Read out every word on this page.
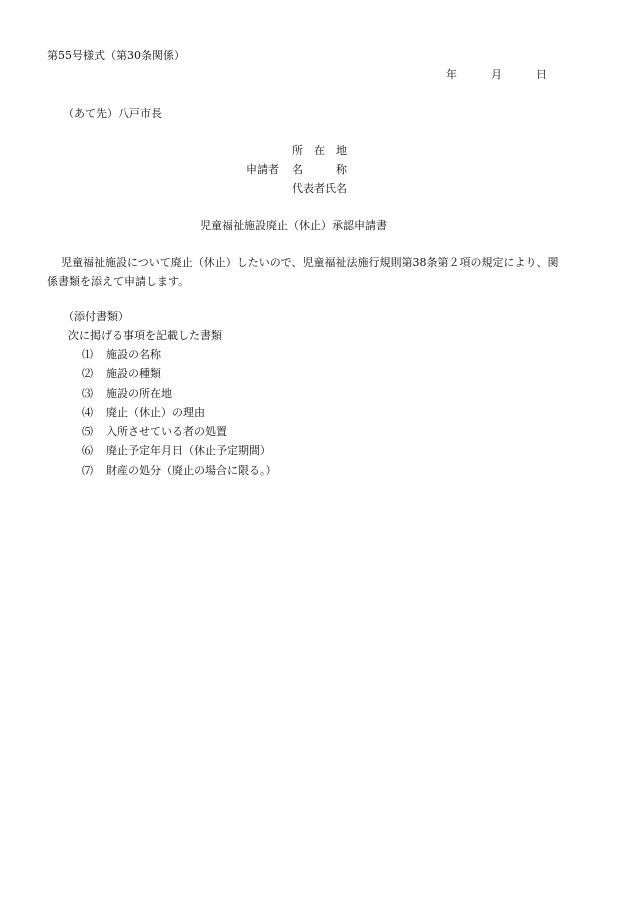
第55号様式（第30条関係）
年	月	日
（あて先）八戸市長
所　在　地
申請者	名　　　称
代表者氏名
児童福祉施設廃止（休止）承認申請書
児童福祉施設について廃止（休止）したいので、児童福祉法施行規則第38条第２項の規定により、関係書類を添えて申請します。
（添付書類）
次に掲げる事項を記載した書類
⑴	施設の名称
⑵	施設の種類
⑶	施設の所在地
⑷	廃止（休止）の理由
⑸	入所させている者の処置
⑹	廃止予定年月日（休止予定期間）
⑺	財産の処分（廃止の場合に限る。）
